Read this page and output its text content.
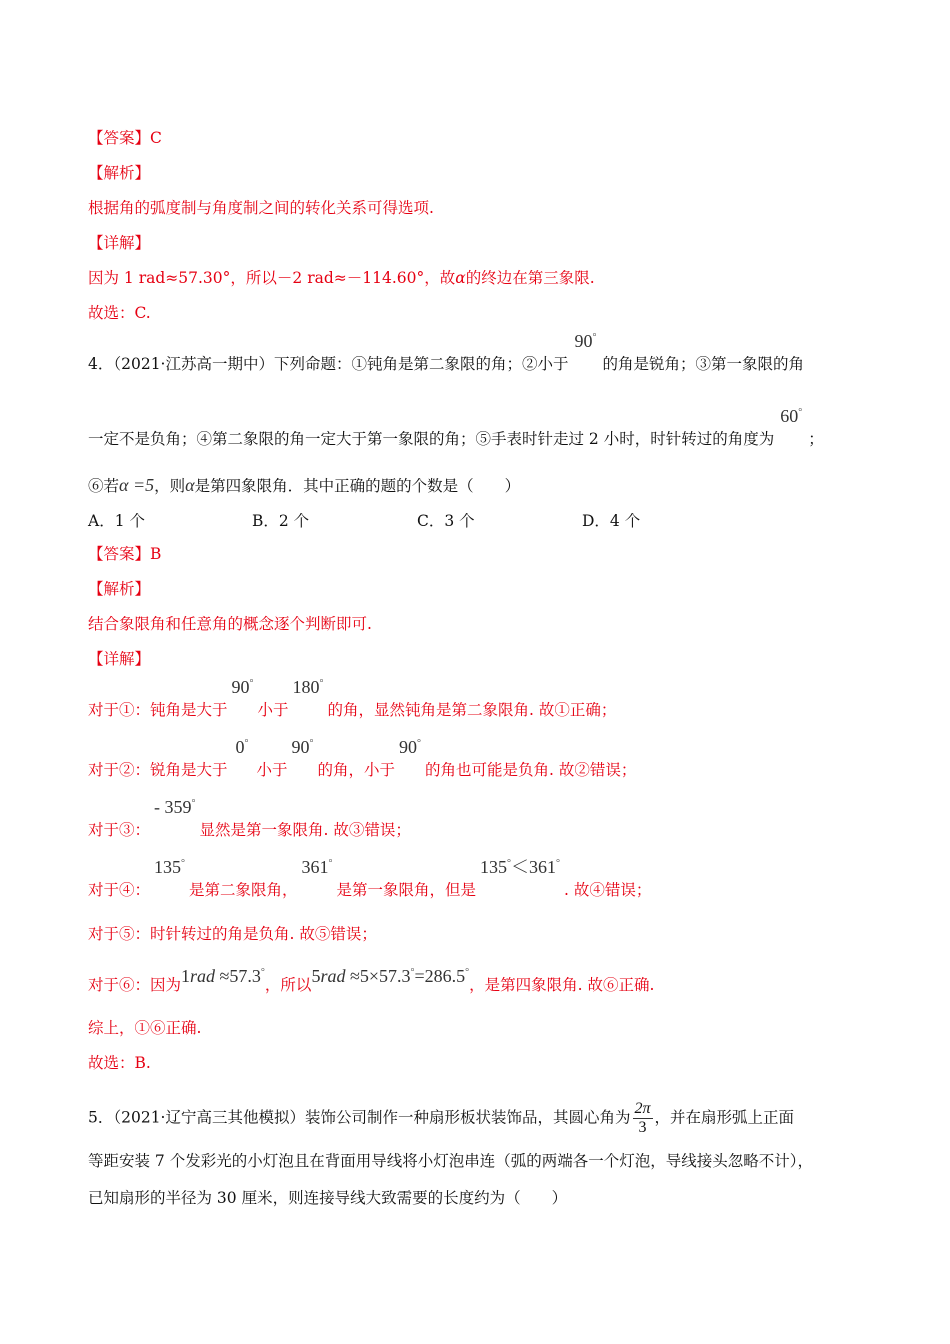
【答案】C
【解析】
根据角的弧度制与角度制之间的转化关系可得选项.
【详解】
因为 1 rad≈57.30°，所以－2 rad≈－114.60°，故α的终边在第三象限.
故选：C.
4．（2021·江苏高一期中）下列命题：①钝角是第二象限的角；②小于90°的角是锐角；③第一象限的角
一定不是负角；④第二象限的角一定大于第一象限的角；⑤手表时针走过 2 小时，时针转过的角度为60°；
⑥若α =5，则α是第四象限角．其中正确的题的个数是（　　）
A．1 个	B．2 个	C．3 个	D．4 个
【答案】B
【解析】
结合象限角和任意角的概念逐个判断即可.
【详解】
对于①：钝角是大于90°小于180°的角，显然钝角是第二象限角. 故①正确；
对于②：锐角是大于0°小于90°的角，小于90°的角也可能是负角. 故②错误；
对于③：- 359°显然是第一象限角. 故③错误；
对于④：135°是第二象限角，361°是第一象限角，但是135°＜361°. 故④错误；
对于⑤：时针转过的角是负角. 故⑤错误；
对于⑥：因为1rad ≈57.3°，所以5rad ≈5×57.3°=286.5°，是第四象限角. 故⑥正确.
综上，①⑥正确.
故选：B.
5．（2021·辽宁高三其他模拟）装饰公司制作一种扇形板状装饰品，其圆心角为 $\frac{2\pi}{3}$ ，并在扇形弧上正面
等距安装 7 个发彩光的小灯泡且在背面用导线将小灯泡串连（弧的两端各一个灯泡，导线接头忽略不计），
已知扇形的半径为 30 厘米，则连接导线大致需要的长度约为（　　）
